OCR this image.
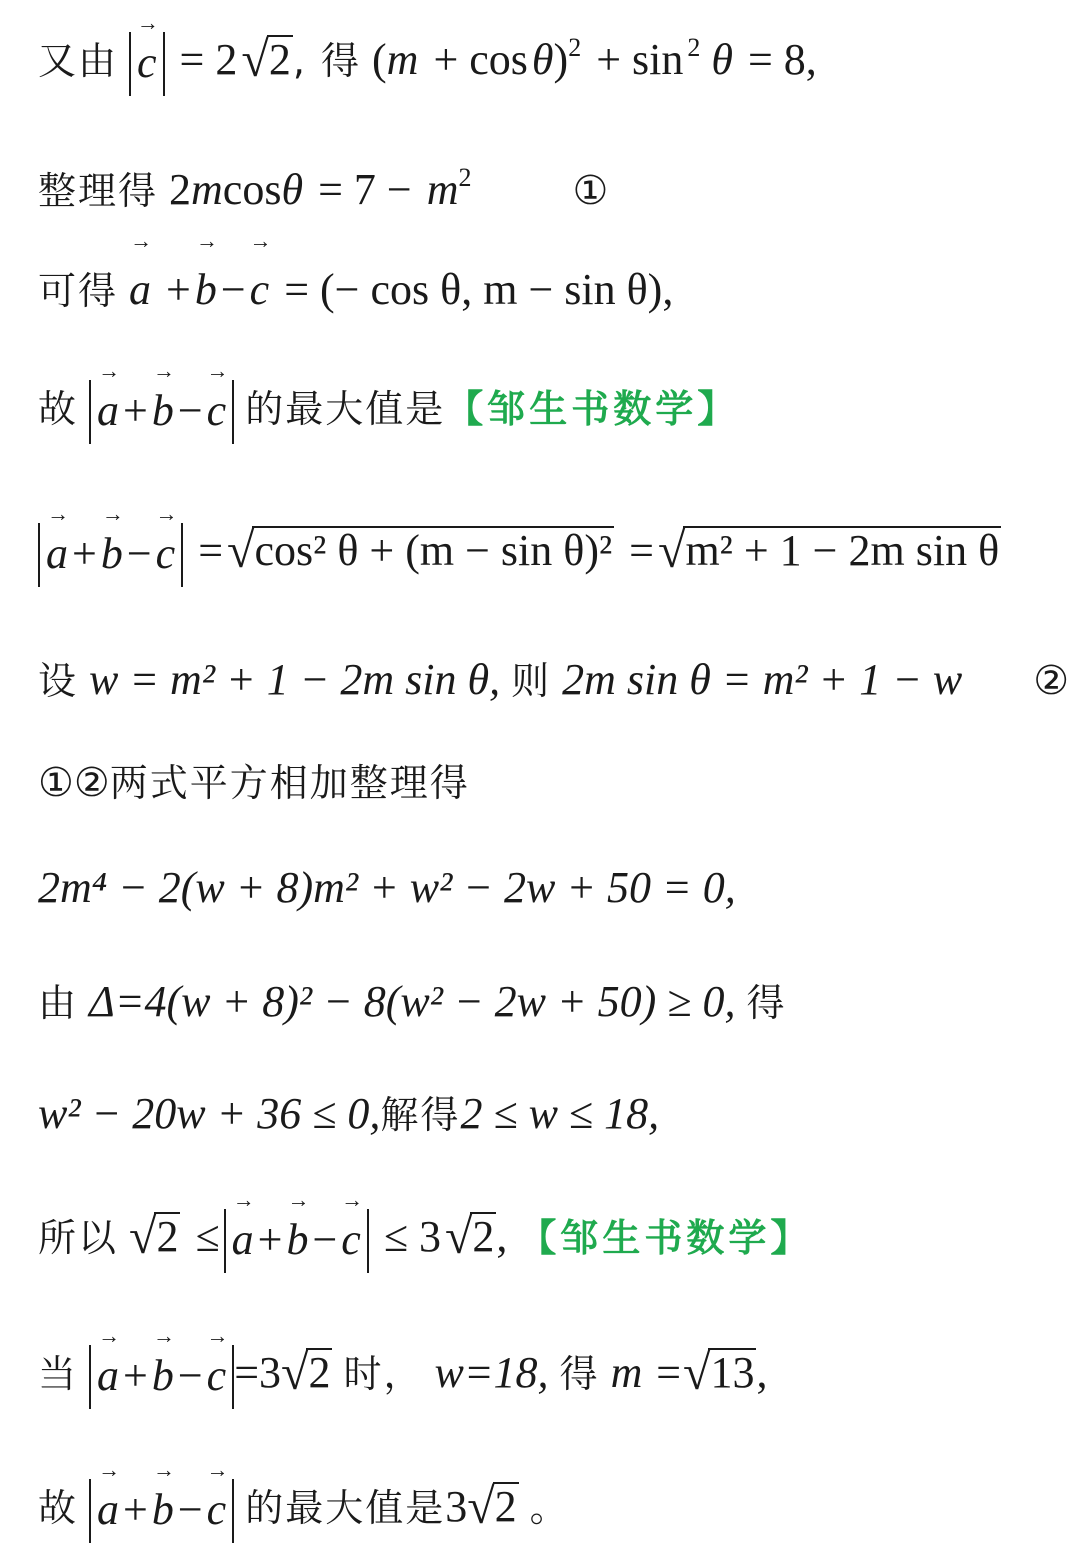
又由 → c = 2√2, 得 $(m + \cos\theta)^2 + \sin ^2$ θ = 8,
整理得 $2mcos\theta = 7 - m^2$	①
可得 → a +→ b−→ c = (− cos θ, m − sin θ),
故 → a+→ b−→ c 的最大值是【邹生书数学】
→ a+→ b−→ c =√cos² θ + (m − sin θ)² =√m² + 1 − 2m sin θ
设 w = m² + 1 − 2m sin θ, 则 2m sin θ = m² + 1 − w ②
①②两式平方相加整理得
2m⁴ − 2(w + 8)m² + w² − 2w + 50 = 0,
由 Δ=4(w + 8)² − 8(w² − 2w + 50) ≥ 0, 得
w² − 20w + 36 ≤ 0,解得2 ≤ w ≤ 18,
所以 √2 ≤ → a+→ b−→ c ≤ 3√2, 【邹生书数学】
当 → a+→ b−→ c =3√2 时， w=18, 得 m =√13,
故 → a+→ b−→ c 的最大值是3√2 。
